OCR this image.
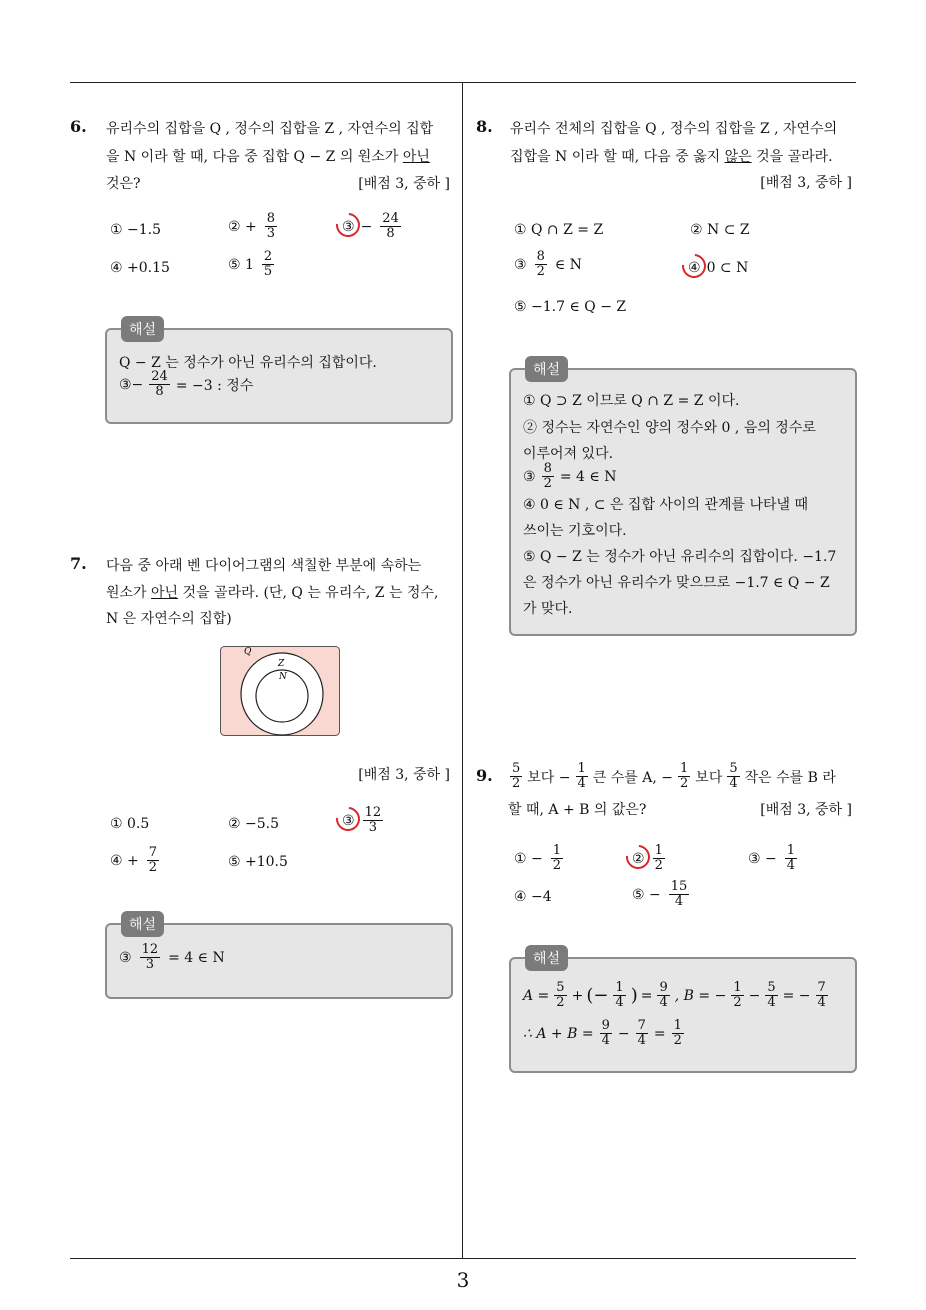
6. 유리수의 집합을 Q , 정수의 집합을 Z , 자연수의 집합
을 N 이라 할 때, 다음 중 집합 Q − Z 의 원소가 아닌
것은?	[배점 3, 중하 ]
① −1.5	② + $\frac{8}{3}$	③ − $\frac{24}{8}$
④ +0.15	⑤ $1 \frac{2}{5}$
해설
Q − Z 는 정수가 아닌 유리수의 집합이다.
③− $\frac{24}{8} = -3$ : 정수
7. 다음 중 아래 벤 다이어그램의 색칠한 부분에 속하는
원소가 아닌 것을 골라라. (단, Q 는 유리수, Z 는 정수,
N 은 자연수의 집합)
Q
Z
N
[배점 3, 중하 ]
① 0.5	② −5.5	③ $\frac{12}{3}$
④ + $\frac{7}{2}$	⑤ +10.5
해설
③ $\frac{12}{3} = 4$ ∈ N
8. 유리수 전체의 집합을 Q , 정수의 집합을 Z , 자연수의
집합을 N 이라 할 때, 다음 중 옳지 않은 것을 골라라.
[배점 3, 중하 ]
① Q ∩ Z = Z	② N ⊂ Z
③ $\frac{8}{2}$ ∈ N	④ 0 ⊂ N
⑤ −1.7 ∈ Q − Z
해설
① Q ⊃ Z 이므로 Q ∩ Z = Z 이다.
② 정수는 자연수인 양의 정수와 0 , 음의 정수로
이루어져 있다.
③ $\frac{8}{2} = 4$ ∈ N
④ 0 ∈ N , ⊂ 은 집합 사이의 관계를 나타낼 때
쓰이는 기호이다.
⑤ Q − Z 는 정수가 아닌 유리수의 집합이다. −1.7
은 정수가 아닌 유리수가 맞으므로 −1.7 ∈ Q − Z
가 맞다.
9. $\frac{5}{2}$ 보다 − $\frac{1}{4}$ 큰 수를 A, − $\frac{1}{2}$ 보다 $\frac{5}{4}$ 작은 수를 B 라
할 때, A + B 의 값은?	[배점 3, 중하 ]
① − $\frac{1}{2}$	② $\frac{1}{2}$	③ − $\frac{1}{4}$
④ −4	⑤ − $\frac{15}{4}$
해설
$A = \frac{5}{2}$ + (− $\frac{1}{4}$ ) = $\frac{9}{4}$ , B = − $\frac{1}{2} - \frac{5}{4}$ = − $\frac{7}{4}$
∴ $A + B = \frac{9}{4} - \frac{7}{4} = \frac{1}{2}$
3
